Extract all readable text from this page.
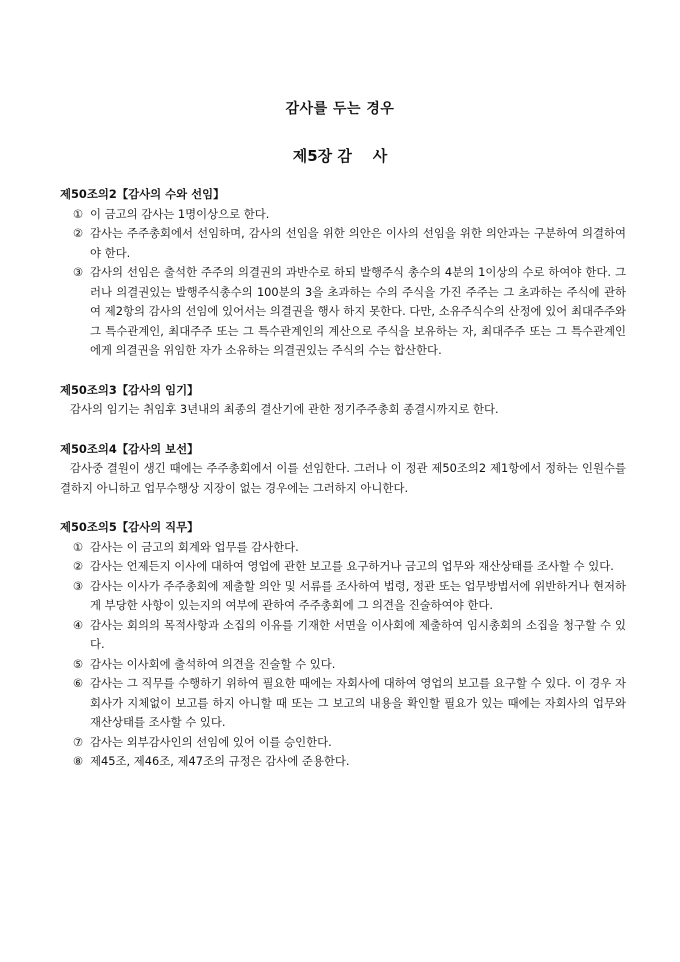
감사를 두는 경우
제5장 감    사
제50조의2【감사의 수와 선임】
① 이 금고의 감사는 1명이상으로 한다.
② 감사는 주주총회에서 선임하며, 감사의 선임을 위한 의안은 이사의 선임을 위한 의안과는 구분하여 의결하여야 한다.
③ 감사의 선임은 출석한 주주의 의결권의 과반수로 하되 발행주식 총수의 4분의 1이상의 수로 하여야 한다. 그러나 의결권있는 발행주식총수의 100분의 3을 초과하는 수의 주식을 가진 주주는 그 초과하는 주식에 관하여 제2항의 감사의 선임에 있어서는 의결권을 행사 하지 못한다. 다만, 소유주식수의 산정에 있어 최대주주와 그 특수관계인, 최대주주 또는 그 특수관계인의 계산으로 주식을 보유하는 자, 최대주주 또는 그 특수관계인에게 의결권을 위임한 자가 소유하는 의결권있는 주식의 수는 합산한다.
제50조의3【감사의 임기】
감사의 임기는 취임후 3년내의 최종의 결산기에 관한 정기주주총회 종결시까지로 한다.
제50조의4【감사의 보선】
감사중 결원이 생긴 때에는 주주총회에서 이를 선임한다. 그러나 이 정관 제50조의2 제1항에서 정하는 인원수를 결하지 아니하고 업무수행상 지장이 없는 경우에는 그러하지 아니한다.
제50조의5【감사의 직무】
① 감사는 이 금고의 회계와 업무를 감사한다.
② 감사는 언제든지 이사에 대하여 영업에 관한 보고를 요구하거나 금고의 업무와 재산상태를 조사할 수 있다.
③ 감사는 이사가 주주총회에 제출할 의안 및 서류를 조사하여 법령, 정관 또는 업무방법서에 위반하거나 현저하게 부당한 사항이 있는지의 여부에 관하여 주주총회에 그 의견을 진술하여야 한다.
④ 감사는 회의의 목적사항과 소집의 이유를 기재한 서면을 이사회에 제출하여 임시총회의 소집을 청구할 수 있다.
⑤ 감사는 이사회에 출석하여 의견을 진술할 수 있다.
⑥ 감사는 그 직무를 수행하기 위하여 필요한 때에는 자회사에 대하여 영업의 보고를 요구할 수 있다. 이 경우 자회사가 지체없이 보고를 하지 아니할 때 또는 그 보고의 내용을 확인할 필요가 있는 때에는 자회사의 업무와 재산상태를 조사할 수 있다.
⑦ 감사는 외부감사인의 선임에 있어 이를 승인한다.
⑧ 제45조, 제46조, 제47조의 규정은 감사에 준용한다.
